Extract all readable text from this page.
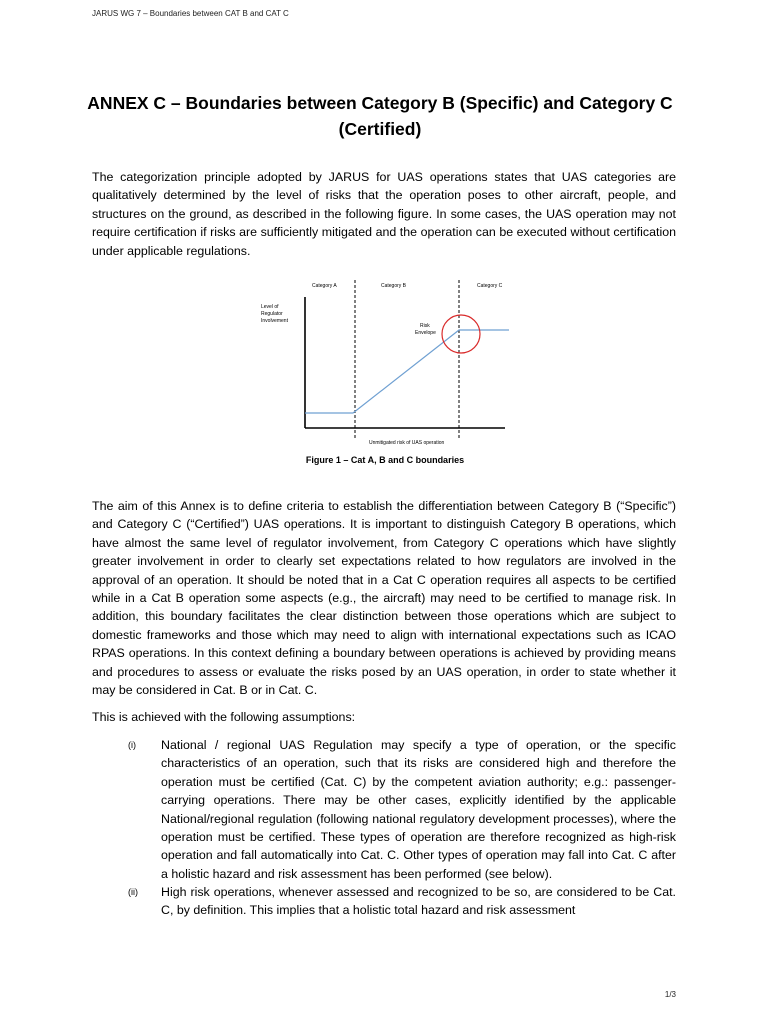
JARUS WG 7 – Boundaries between CAT B and CAT C
ANNEX C – Boundaries between Category B (Specific) and Category C (Certified)
The categorization principle adopted by JARUS for UAS operations states that UAS categories are qualitatively determined by the level of risks that the operation poses to other aircraft, people, and structures on the ground, as described in the following figure. In some cases, the UAS operation may not require certification if risks are sufficiently mitigated and the operation can be executed without certification under applicable regulations.
Category A	Category B	Category C
Level of
Regulator
Involvement
Risk
Envelope
Unmitigated risk of UAS operation
Figure 1 – Cat A, B and C boundaries
The aim of this Annex is to define criteria to establish the differentiation between Category B (“Specific”) and Category C (“Certified”) UAS operations. It is important to distinguish Category B operations, which have almost the same level of regulator involvement, from Category C operations which have slightly greater involvement in order to clearly set expectations related to how regulators are involved in the approval of an operation. It should be noted that in a Cat C operation requires all aspects to be certified while in a Cat B operation some aspects (e.g., the aircraft) may need to be certified to manage risk. In addition, this boundary facilitates the clear distinction between those operations which are subject to domestic frameworks and those which may need to align with international expectations such as ICAO RPAS operations. In this context defining a boundary between operations is achieved by providing means and procedures to assess or evaluate the risks posed by an UAS operation, in order to state whether it may be considered in Cat. B or in Cat. C.
This is achieved with the following assumptions:
(i) National / regional UAS Regulation may specify a type of operation, or the specific characteristics of an operation, such that its risks are considered high and therefore the operation must be certified (Cat. C) by the competent aviation authority; e.g.: passenger-carrying operations. There may be other cases, explicitly identified by the applicable National/regional regulation (following national regulatory development processes), where the operation must be certified. These types of operation are therefore recognized as high-risk operation and fall automatically into Cat. C. Other types of operation may fall into Cat. C after a holistic hazard and risk assessment has been performed (see below).
(ii) High risk operations, whenever assessed and recognized to be so, are considered to be Cat. C, by definition. This implies that a holistic total hazard and risk assessment
1/3
